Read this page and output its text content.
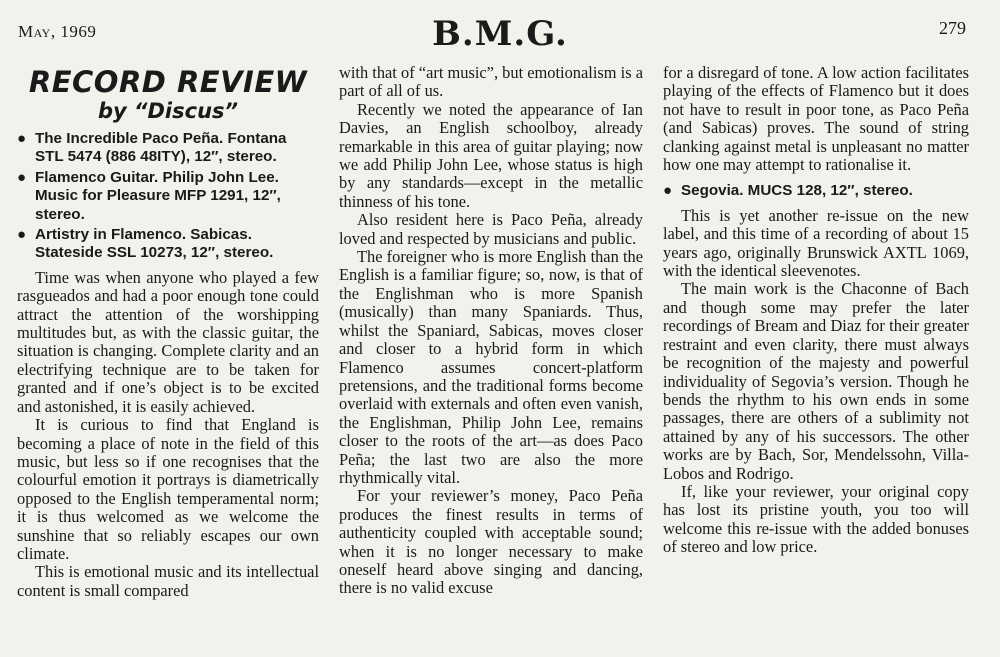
May, 1969	B.M.G.	279
RECORD REVIEW
by “Discus”
● The Incredible Paco Peña. Fontana STL 5474 (886 48ITY), 12″, stereo.
● Flamenco Guitar. Philip John Lee. Music for Pleasure MFP 1291, 12″, stereo.
● Artistry in Flamenco. Sabicas. Stateside SSL 10273, 12″, stereo.

Time was when anyone who played a few rasgueados and had a poor enough tone could attract the attention of the worshipping multitudes but, as with the classic guitar, the situation is changing. Complete clarity and an electrifying technique are to be taken for granted and if one’s object is to be excited and astonished, it is easily achieved.

It is curious to find that England is becoming a place of note in the field of this music, but less so if one recognises that the colourful emotion it portrays is diametrically opposed to the English temperamental norm; it is thus welcomed as we welcome the sunshine that so reliably escapes our own climate.

This is emotional music and its intellectual content is small compared

with that of “art music”, but emotionalism is a part of all of us.

Recently we noted the appearance of Ian Davies, an English schoolboy, already remarkable in this area of guitar playing; now we add Philip John Lee, whose status is high by any standards—except in the metallic thinness of his tone.

Also resident here is Paco Peña, already loved and respected by musicians and public.

The foreigner who is more English than the English is a familiar figure; so, now, is that of the Englishman who is more Spanish (musically) than many Spaniards. Thus, whilst the Spaniard, Sabicas, moves closer and closer to a hybrid form in which Flamenco assumes concert-platform pretensions, and the traditional forms become overlaid with externals and often even vanish, the Englishman, Philip John Lee, remains closer to the roots of the art—as does Paco Peña; the last two are also the more rhythmically vital.

For your reviewer’s money, Paco Peña produces the finest results in terms of authenticity coupled with acceptable sound; when it is no longer necessary to make oneself heard above singing and dancing, there is no valid excuse

for a disregard of tone. A low action facilitates playing of the effects of Flamenco but it does not have to result in poor tone, as Paco Peña (and Sabicas) proves. The sound of string clanking against metal is unpleasant no matter how one may attempt to rationalise it.

● Segovia. MUCS 128, 12″, stereo.

This is yet another re-issue on the new label, and this time of a recording of about 15 years ago, originally Brunswick AXTL 1069, with the identical sleevenotes.

The main work is the Chaconne of Bach and though some may prefer the later recordings of Bream and Diaz for their greater restraint and even clarity, there must always be recognition of the majesty and powerful individuality of Segovia’s version. Though he bends the rhythm to his own ends in some passages, there are others of a sublimity not attained by any of his successors. The other works are by Bach, Sor, Mendelssohn, Villa-Lobos and Rodrigo.

If, like your reviewer, your original copy has lost its pristine youth, you too will welcome this re-issue with the added bonuses of stereo and low price.
